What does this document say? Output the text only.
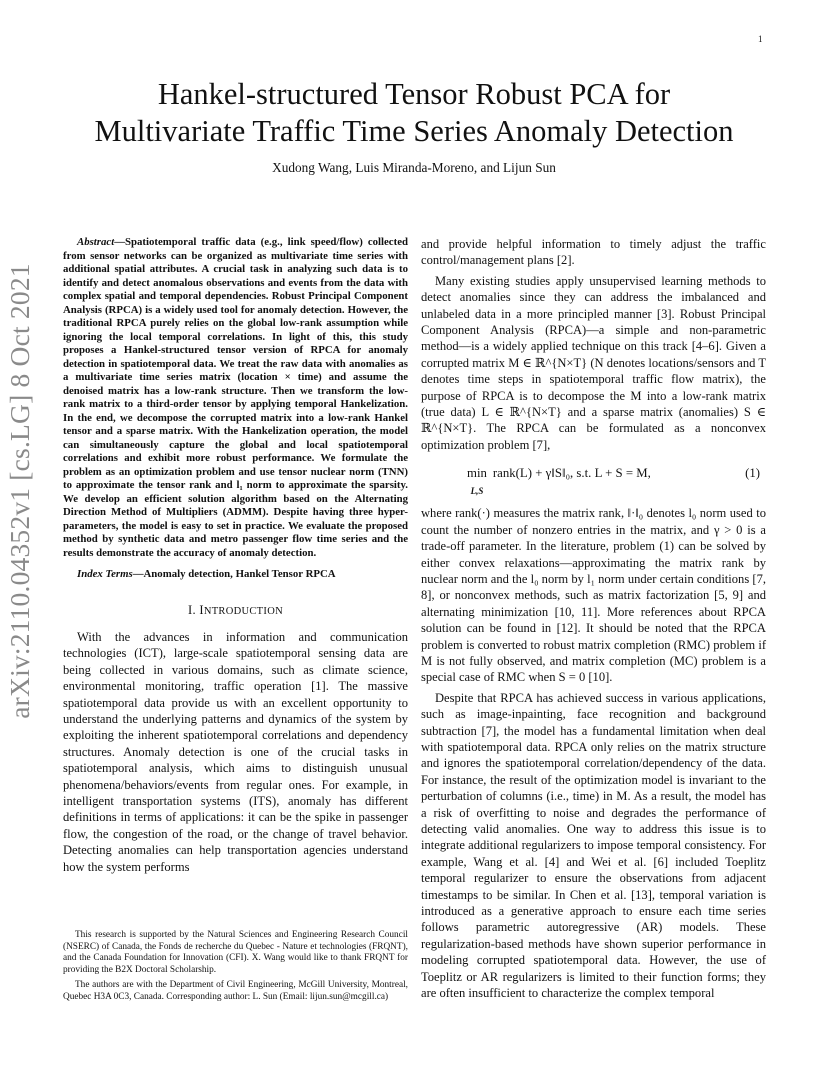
1
arXiv:2110.04352v1 [cs.LG] 8 Oct 2021
Hankel-structured Tensor Robust PCA for
Multivariate Traffic Time Series Anomaly Detection
Xudong Wang, Luis Miranda-Moreno, and Lijun Sun

Abstract—Spatiotemporal traffic data (e.g., link speed/flow) collected from sensor networks can be organized as multivariate time series with additional spatial attributes. A crucial task in analyzing such data is to identify and detect anomalous observations and events from the data with complex spatial and temporal dependencies. Robust Principal Component Analysis (RPCA) is a widely used tool for anomaly detection. However, the traditional RPCA purely relies on the global low-rank assumption while ignoring the local temporal correlations. In light of this, this study proposes a Hankel-structured tensor version of RPCA for anomaly detection in spatiotemporal data. We treat the raw data with anomalies as a multivariate time series matrix (location × time) and assume the denoised matrix has a low-rank structure. Then we transform the low-rank matrix to a third-order tensor by applying temporal Hankelization. In the end, we decompose the corrupted matrix into a low-rank Hankel tensor and a sparse matrix. With the Hankelization operation, the model can simultaneously capture the global and local spatiotemporal correlations and exhibit more robust performance. We formulate the problem as an optimization problem and use tensor nuclear norm (TNN) to approximate the tensor rank and l₁ norm to approximate the sparsity. We develop an efficient solution algorithm based on the Alternating Direction Method of Multipliers (ADMM). Despite having three hyper-parameters, the model is easy to set in practice. We evaluate the proposed method by synthetic data and metro passenger flow time series and the results demonstrate the accuracy of anomaly detection.

Index Terms—Anomaly detection, Hankel Tensor RPCA

I. INTRODUCTION

With the advances in information and communication technologies (ICT), large-scale spatiotemporal sensing data are being collected in various domains, such as climate science, environmental monitoring, traffic operation [1]. The massive spatiotemporal data provide us with an excellent opportunity to understand the underlying patterns and dynamics of the system by exploiting the inherent spatiotemporal correlations and dependency structures. Anomaly detection is one of the crucial tasks in spatiotemporal analysis, which aims to distinguish unusual phenomena/behaviors/events from regular ones. For example, in intelligent transportation systems (ITS), anomaly has different definitions in terms of applications: it can be the spike in passenger flow, the congestion of the road, or the change of travel behavior. Detecting anomalies can help transportation agencies understand how the system performs

This research is supported by the Natural Sciences and Engineering Research Council (NSERC) of Canada, the Fonds de recherche du Quebec - Nature et technologies (FRQNT), and the Canada Foundation for Innovation (CFI). X. Wang would like to thank FRQNT for providing the B2X Doctoral Scholarship.

The authors are with the Department of Civil Engineering, McGill University, Montreal, Quebec H3A 0C3, Canada. Corresponding author: L. Sun (Email: lijun.sun@mcgill.ca)

and provide helpful information to timely adjust the traffic control/management plans [2].

Many existing studies apply unsupervised learning methods to detect anomalies since they can address the imbalanced and unlabeled data in a more principled manner [3]. Robust Principal Component Analysis (RPCA)—a simple and non-parametric method—is a widely applied technique on this track [4–6]. Given a corrupted matrix M ∈ ℝ^{N×T} (N denotes locations/sensors and T denotes time steps in spatiotemporal traffic flow matrix), the purpose of RPCA is to decompose the M into a low-rank matrix (true data) L ∈ ℝ^{N×T} and a sparse matrix (anomalies) S ∈ ℝ^{N×T}. The RPCA can be formulated as a nonconvex optimization problem [7],

min
L,Srank(L) + γ‖S‖₀, s.t. L + S = M,	(1)

where rank(·) measures the matrix rank, ‖·‖₀ denotes l₀ norm used to count the number of nonzero entries in the matrix, and γ > 0 is a trade-off parameter. In the literature, problem (1) can be solved by either convex relaxations—approximating the matrix rank by nuclear norm and the l₀ norm by l₁ norm under certain conditions [7, 8], or nonconvex methods, such as matrix factorization [5, 9] and alternating minimization [10, 11]. More references about RPCA solution can be found in [12]. It should be noted that the RPCA problem is converted to robust matrix completion (RMC) problem if M is not fully observed, and matrix completion (MC) problem is a special case of RMC when S = 0 [10].

Despite that RPCA has achieved success in various applications, such as image-inpainting, face recognition and background subtraction [7], the model has a fundamental limitation when deal with spatiotemporal data. RPCA only relies on the matrix structure and ignores the spatiotemporal correlation/dependency of the data. For instance, the result of the optimization model is invariant to the perturbation of columns (i.e., time) in M. As a result, the model has a risk of overfitting to noise and degrades the performance of detecting valid anomalies. One way to address this issue is to integrate additional regularizers to impose temporal consistency. For example, Wang et al. [4] and Wei et al. [6] included Toeplitz temporal regularizer to ensure the observations from adjacent timestamps to be similar. In Chen et al. [13], temporal variation is introduced as a generative approach to ensure each time series follows parametric autoregressive (AR) models. These regularization-based methods have shown superior performance in modeling corrupted spatiotemporal data. However, the use of Toeplitz or AR regularizers is limited to their function forms; they are often insufficient to characterize the complex temporal
